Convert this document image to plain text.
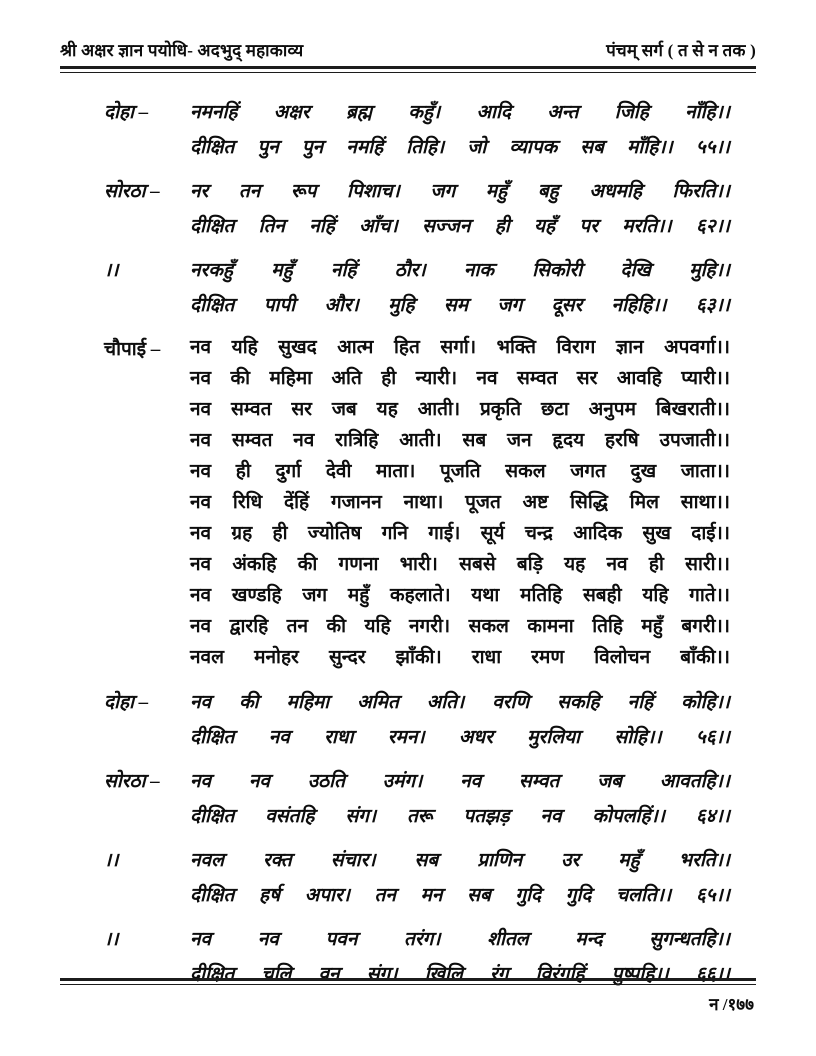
श्री अक्षर ज्ञान पयोधि- अदभुद् महाकाव्य	पंचम् सर्ग ( त से न तक )
दोहा –	नमनहिं अक्षर ब्रह्म कहुँ। आदि अन्त जिहि नाँहि।।
दीक्षित पुन पुन नमहिं तिहि। जो व्यापक सब माँहि।। ५५।।
सोरठा –	नर तन रूप पिशाच। जग महुँ बहु अधमहि फिरति।।
दीक्षित तिन नहिं आँच। सज्जन ही यहँ पर मरति।। ६२।।
।।	नरकहुँ महुँ नहिं ठौर। नाक सिकोरी देखि मुहि।।
दीक्षित पापी और। मुहि सम जग दूसर नहिहि।। ६३।।
चौपाई –	नव यहि सुखद आत्म हित सर्गा। भक्ति विराग ज्ञान अपवर्गा।।
नव की महिमा अति ही न्यारी। नव सम्वत सर आवहि प्यारी।।
नव सम्वत सर जब यह आती। प्रकृति छटा अनुपम बिखराती।।
नव सम्वत नव रात्रिहि आती। सब जन हृदय हरषि उपजाती।।
नव ही दुर्गा देवी माता। पूजति सकल जगत दुख जाता।।
नव रिधि देंहिं गजानन नाथा। पूजत अष्ट सिद्धि मिल साथा।।
नव ग्रह ही ज्योतिष गनि गाई। सूर्य चन्द्र आदिक सुख दाई।।
नव अंकहि की गणना भारी। सबसे बड़ि यह नव ही सारी।।
नव खण्डहि जग महुँ कहलाते। यथा मतिहि सबही यहि गाते।।
नव द्वारहि तन की यहि नगरी। सकल कामना तिहि महुँ बगरी।।
नवल मनोहर सुन्दर झाँकी। राधा रमण विलोचन बाँकी।।
दोहा –	नव की महिमा अमित अति। वरणि सकहि नहिं कोहि।।
दीक्षित नव राधा रमन। अधर मुरलिया सोहि।। ५६।।
सोरठा –	नव नव उठति उमंग। नव सम्वत जब आवतहि।।
दीक्षित वसंतहि संग। तरू पतझड़ नव कोपलहिं।। ६४।।
।।	नवल रक्त संचार। सब प्राणिन उर महुँ भरति।।
दीक्षित हर्ष अपार। तन मन सब गुदि गुदि चलति।। ६५।।
।।	नव नव पवन तरंग। शीतल मन्द सुगन्धतहि।।
दीक्षित चलि वन संग। खिलि रंग विरंगहिं पुष्पहि।। ६६।।
न /१७७
